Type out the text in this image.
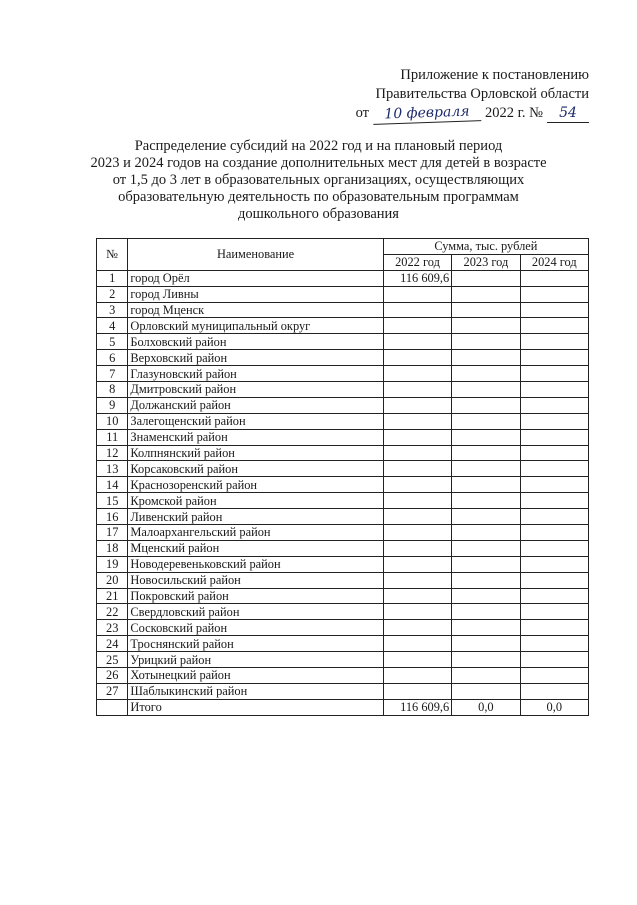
Приложение к постановлению
Правительства Орловской области
от	10 февраля	2022 г. №	54
Распределение субсидий на 2022 год и на плановый период
2023 и 2024 годов на создание дополнительных мест для детей в возрасте
от 1,5 до 3 лет в образовательных организациях, осуществляющих
образовательную деятельность по образовательным программам
дошкольного образования
№	Наименование	Сумма, тыс. рублей		
		2022 год	2023 год	2024 год
1	город Орёл	116 609,6		
2	город Ливны			
3	город Мценск			
4	Орловский муниципальный округ			
5	Болховский район			
6	Верховский район			
7	Глазуновский район			
8	Дмитровский район			
9	Должанский район			
10	Залегощенский район			
11	Знаменский район			
12	Колпнянский район			
13	Корсаковский район			
14	Краснозоренский район			
15	Кромской район			
16	Ливенский район			
17	Малоархангельский район			
18	Мценский район			
19	Новодеревеньковский район			
20	Новосильский район			
21	Покровский район			
22	Свердловский район			
23	Сосковский район			
24	Троснянский район			
25	Урицкий район			
26	Хотынецкий район			
27	Шаблыкинский район			
	Итого	116 609,6	0,0	0,0
